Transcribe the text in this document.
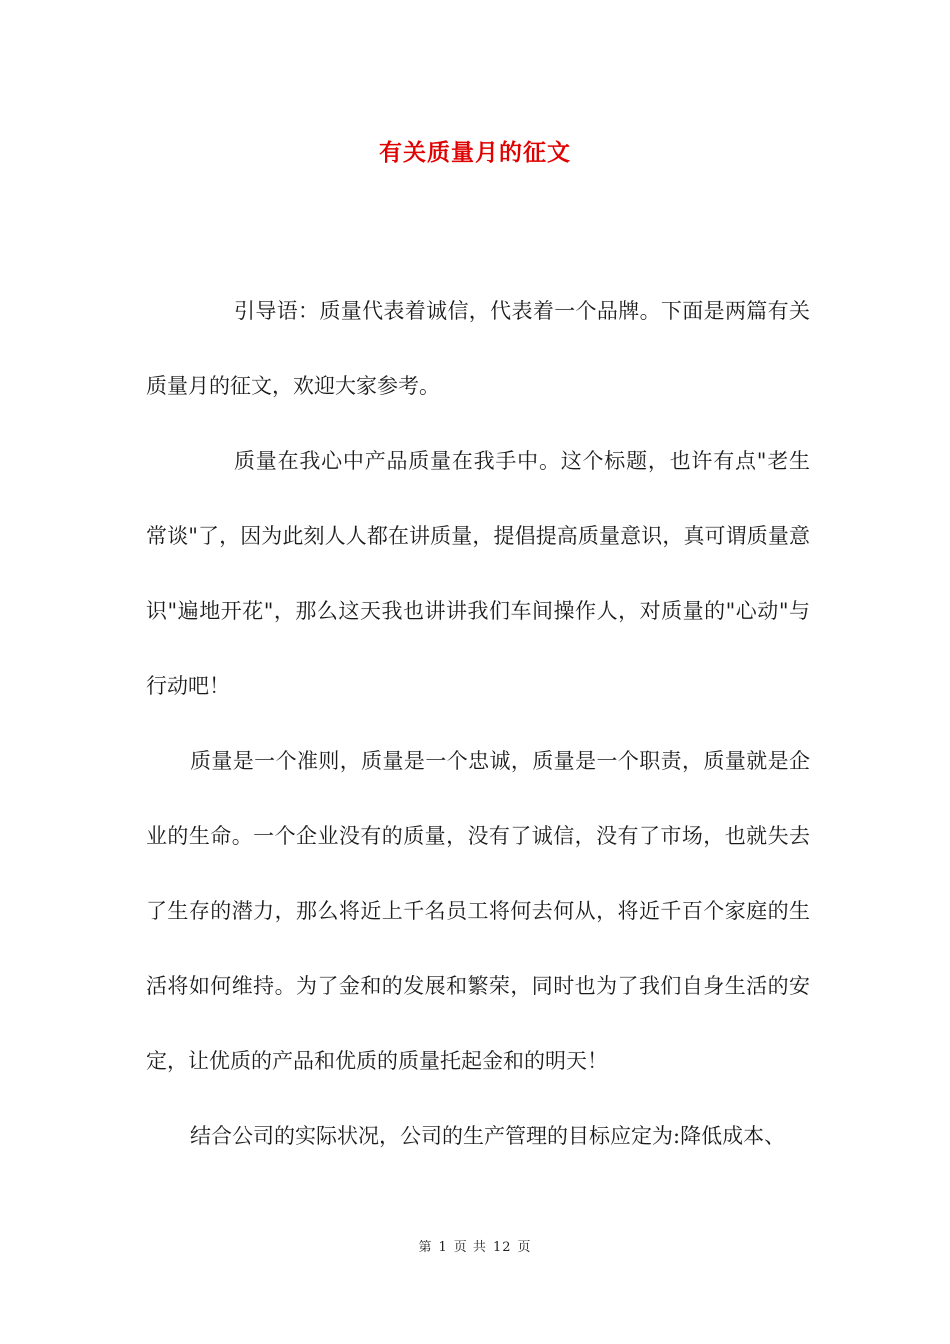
有关质量月的征文

引导语：质量代表着诚信，代表着一个品牌。下面是两篇有关质量月的征文，欢迎大家参考。

质量在我心中产品质量在我手中。这个标题，也许有点"老生常谈"了，因为此刻人人都在讲质量，提倡提高质量意识，真可谓质量意识"遍地开花"，那么这天我也讲讲我们车间操作人，对质量的"心动"与行动吧！

质量是一个准则，质量是一个忠诚，质量是一个职责，质量就是企业的生命。一个企业没有的质量，没有了诚信，没有了市场，也就失去了生存的潜力，那么将近上千名员工将何去何从，将近千百个家庭的生活将如何维持。为了金和的发展和繁荣，同时也为了我们自身生活的安定，让优质的产品和优质的质量托起金和的明天！

结合公司的实际状况，公司的生产管理的目标应定为:降低成本、

第 1 页 共 12 页
